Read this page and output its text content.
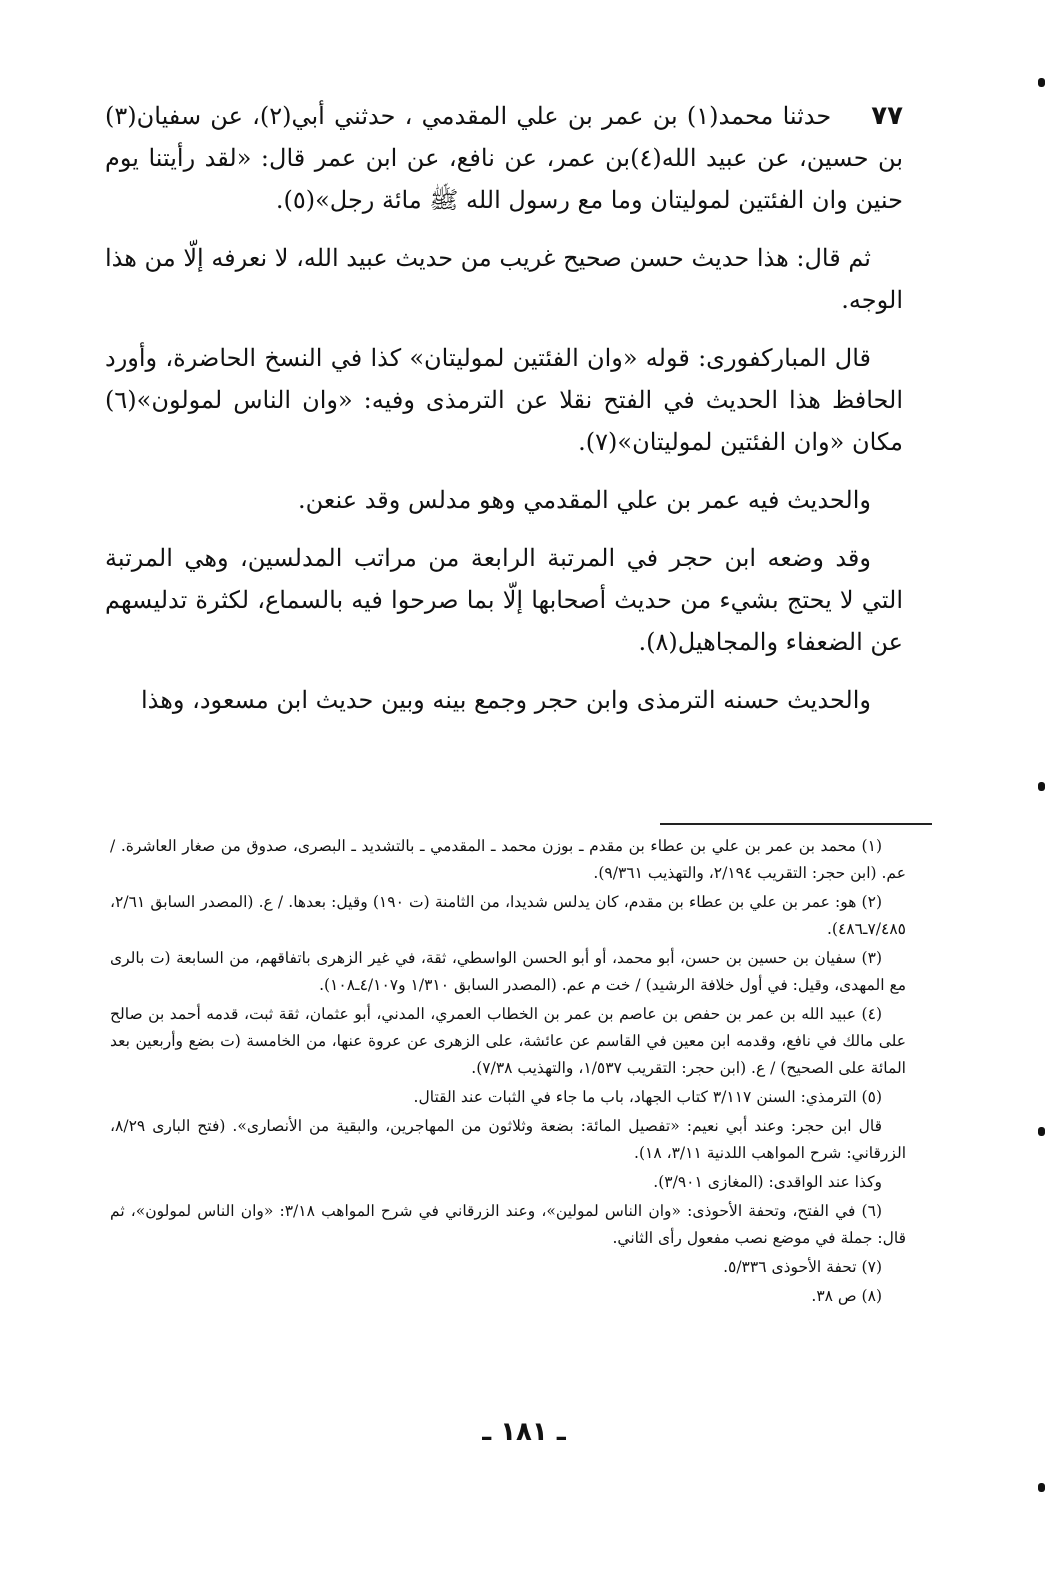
٧٧حدثنا محمد(١) بن عمر بن علي المقدمي ، حدثني أبي(٢)، عن سفيان(٣) بن حسين، عن عبيد الله(٤)بن عمر، عن نافع، عن ابن عمر قال: «لقد رأيتنا يوم حنين وان الفئتين لموليتان وما مع رسول الله ﷺ مائة رجل»(٥).

ثم قال: هذا حديث حسن صحيح غريب من حديث عبيد الله، لا نعرفه إلّا من هذا الوجه.

قال المباركفورى: قوله «وان الفئتين لموليتان» كذا في النسخ الحاضرة، وأورد الحافظ هذا الحديث في الفتح نقلا عن الترمذى وفيه: «وان الناس لمولون»(٦) مكان «وان الفئتين لموليتان»(٧).

والحديث فيه عمر بن علي المقدمي وهو مدلس وقد عنعن.

وقد وضعه ابن حجر في المرتبة الرابعة من مراتب المدلسين، وهي المرتبة التي لا يحتج بشيء من حديث أصحابها إلّا بما صرحوا فيه بالسماع، لكثرة تدليسهم عن الضعفاء والمجاهيل(٨).

والحديث حسنه الترمذى وابن حجر وجمع بينه وبين حديث ابن مسعود، وهذا

(١) محمد بن عمر بن علي بن عطاء بن مقدم ـ بوزن محمد ـ المقدمي ـ بالتشديد ـ البصرى، صدوق من صغار العاشرة. / عم. (ابن حجر: التقريب ٢/١٩٤، والتهذيب ٩/٣٦١).

(٢) هو: عمر بن علي بن عطاء بن مقدم، كان يدلس شديدا، من الثامنة (ت ١٩٠) وقيل: بعدها. / ع. (المصدر السابق ٢/٦١، ٧/٤٨٥ـ٤٨٦).

(٣) سفيان بن حسين بن حسن، أبو محمد، أو أبو الحسن الواسطي، ثقة، في غير الزهرى باتفاقهم، من السابعة (ت بالرى مع المهدى، وقيل: في أول خلافة الرشيد) / خت م عم. (المصدر السابق ١/٣١٠ و٤/١٠٧ـ١٠٨).

(٤) عبيد الله بن عمر بن حفص بن عاصم بن عمر بن الخطاب العمري، المدني، أبو عثمان، ثقة ثبت، قدمه أحمد بن صالح على مالك في نافع، وقدمه ابن معين في القاسم عن عائشة، على الزهرى عن عروة عنها، من الخامسة (ت بضع وأربعين بعد المائة على الصحيح) / ع. (ابن حجر: التقريب ١/٥٣٧، والتهذيب ٧/٣٨).

(٥) الترمذي: السنن ٣/١١٧ كتاب الجهاد، باب ما جاء في الثبات عند القتال.

قال ابن حجر: وعند أبي نعيم: «تفصيل المائة: بضعة وثلاثون من المهاجرين، والبقية من الأنصارى». (فتح البارى ٨/٢٩، الزرقاني: شرح المواهب اللدنية ٣/١١، ١٨).

وكذا عند الواقدى: (المغازى ٣/٩٠١).

(٦) في الفتح، وتحفة الأحوذى: «وان الناس لمولين»، وعند الزرقاني في شرح المواهب ٣/١٨: «وان الناس لمولون»، ثم قال: جملة في موضع نصب مفعول رأى الثاني.

(٧) تحفة الأحوذى ٥/٣٣٦.

(٨) ص ٣٨.

ـ ١٨١ ـ
